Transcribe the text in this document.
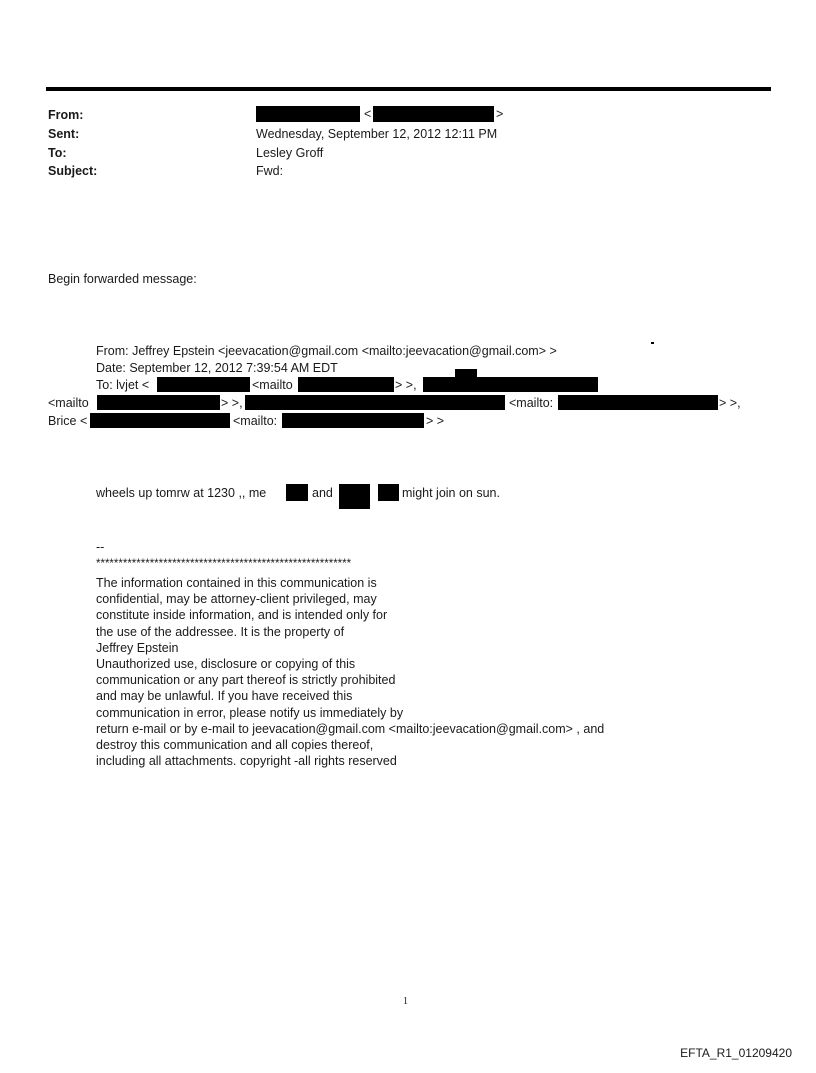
From:	<	>
Sent:	Wednesday, September 12, 2012 12:11 PM
To:	Lesley Groff
Subject:	Fwd:
Begin forwarded message:
From: Jeffrey Epstein <jeevacation@gmail.com <mailto:jeevacation@gmail.com> >
Date: September 12, 2012 7:39:54 AM EDT
To: lvjet <	<mailto	> >,
<mailto	> >,	<mailto:	> >,
Brice <	<mailto:	> >
wheels up tomrw at 1230 ,, me	and	might join on sun.
--
*********************************************************
The information contained in this communication is
confidential, may be attorney-client privileged, may
constitute inside information, and is intended only for
the use of the addressee. It is the property of
Jeffrey Epstein
Unauthorized use, disclosure or copying of this
communication or any part thereof is strictly prohibited
and may be unlawful. If you have received this
communication in error, please notify us immediately by
return e-mail or by e-mail to jeevacation@gmail.com <mailto:jeevacation@gmail.com> , and
destroy this communication and all copies thereof,
including all attachments. copyright -all rights reserved
1
EFTA_R1_01209420
